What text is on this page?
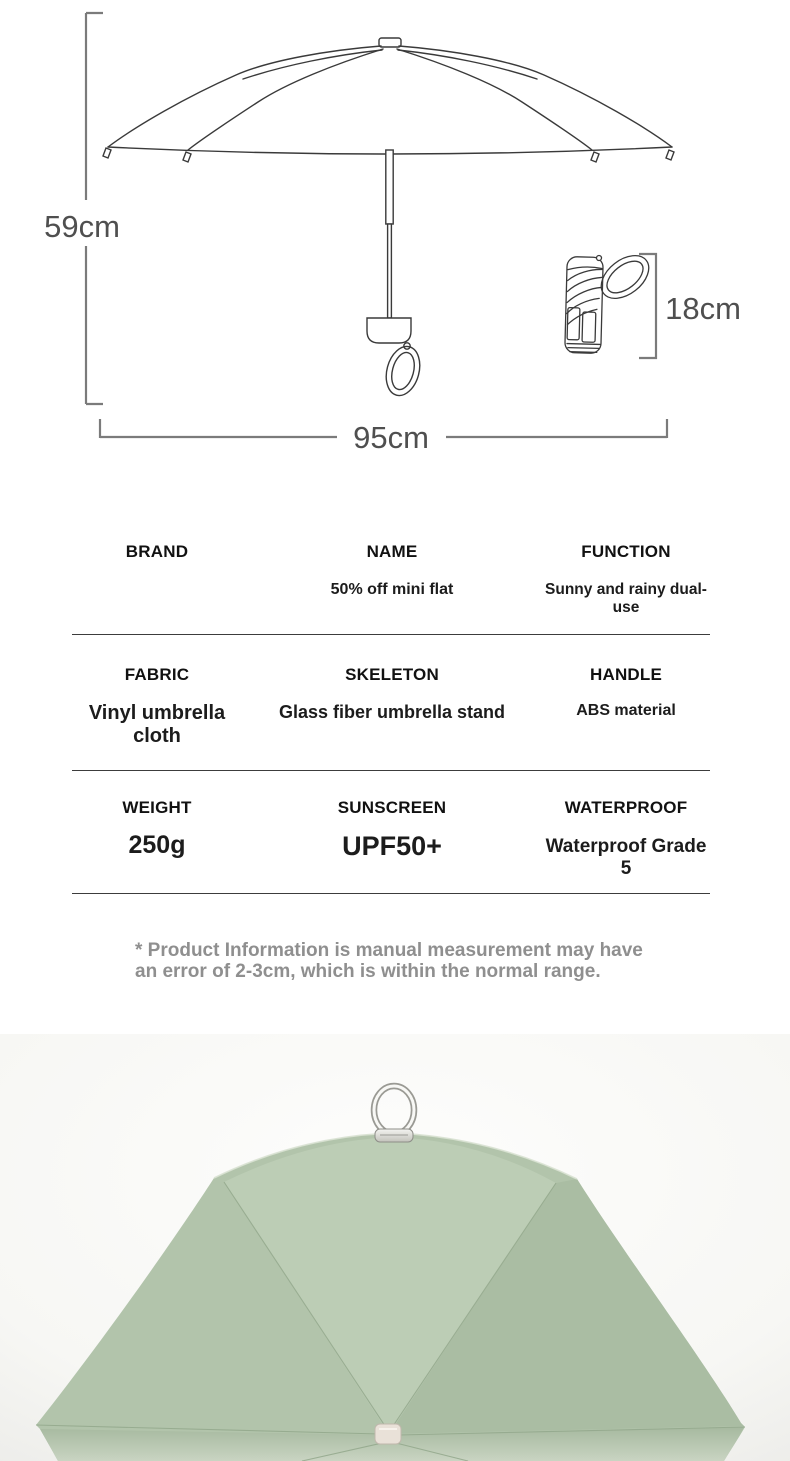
59cm
95cm
18cm
BRAND	NAME
50% off mini flat
FUNCTION
Sunny and rainy dual-use
FABRIC
Vinyl umbrella cloth
SKELETON
Glass fiber umbrella stand
HANDLE
ABS material
WEIGHT
250g
SUNSCREEN
UPF50+
WATERPROOF
Waterproof Grade 5
* Product Information is manual measurement may have an error of 2-3cm, which is within the normal range.
